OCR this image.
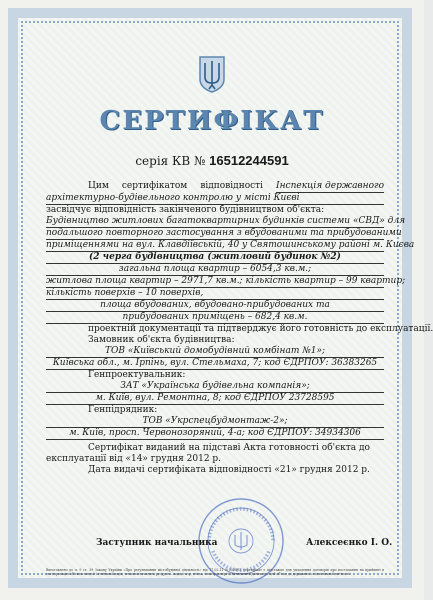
СЕРТИФІКАТ
серія КВ № 16512244591
Цим сертифікатом відповідності Інспекція державного
архітектурно-будівельного контролю у місті Києві
засвідчує відповідність закінченого будівництвом об'єкта:
Будівництво житлових багатоквартирних будинків системи «СВД» для
подальшого повторного застосування з вбудованими та прибудованими
приміщеннями на вул. Клавдіївській, 40 у Святошинському районі м. Києва
(2 черга будівництва (житловий будинок №2)
загальна площа квартир – 6054,3 кв.м.;
житлова площа квартир – 2971,7 кв.м.; кількість квартир – 99 квартир;
кількість поверхів – 10 поверхів,
площа вбудованих, вбудовано-прибудованих та
прибудованих приміщень – 682,4 кв.м.
проектній документації та підтверджує його готовність до експлуатації.
Замовник об'єкта будівництва:
ТОВ «Київський домобудівний комбінат №1»;
Київська обл., м. Ірпінь, вул. Стельмаха, 7; код ЄДРПОУ: 36383265
Генпроектувальник:
ЗАТ «Українська будівельна компанія»;
м. Київ, вул. Ремонтна, 8; код ЄДРПОУ 23728595
Генпідрядник:
ТОВ «Укрспецбудмонтаж-2»;
м. Київ, просп. Червонозоряний, 4-а; код ЄДРПОУ: 34934306
Сертифікат виданий на підставі Акта готовності об'єкта до
експлуатації від «14» грудня 2012 р.
Дата видачі сертифіката відповідності «21» грудня 2012 р.
Заступник начальника	Алексеєнко І. О.
Виготовлено до ч. 9 ст. 39 Закону України «Про регулювання містобудівної діяльності» від 17.02.11 №3038-VI сертифікат є підставою для укладення договорів про постачання на прийняті в експлуатацію об'єкти питної і технічної води, теплопостачання, ресурсів – води, газу, тепла, електроенергії, включення даних про цей об'єкт до державної статистичної звітності.
